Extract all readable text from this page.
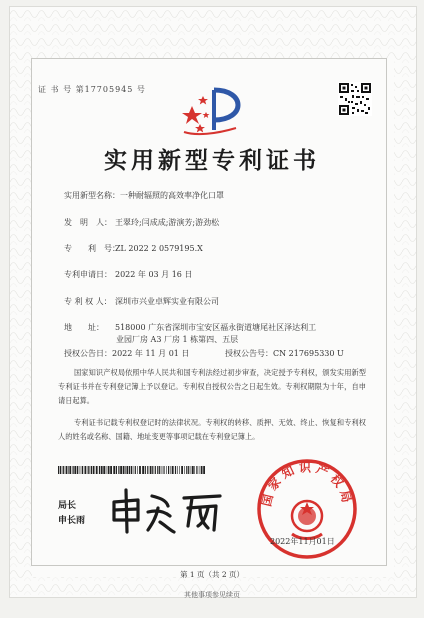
证 书 号 第17705945 号
实用新型专利证书
实用新型名称：一种耐辐照的高效率净化口罩
发　明　人： 王翠玲;闫成成;游演芳;游劲松
专　　利　号：ZL 2022 2 0579195.X
专利申请日： 2022 年 03 月 16 日
专 利 权 人： 深圳市兴业卓辉实业有限公司
地　　址： 518000 广东省深圳市宝安区福永街道塘尾社区泽达利工
业园厂房 A3 厂房 1 栋第四、五层
授权公告日：2022 年 11 月 01 日	授权公告号：CN 217695330 U
国家知识产权局依照中华人民共和国专利法经过初步审查，决定授予专利权，颁发实用新型专利证书并在专利登记簿上予以登记。专利权自授权公告之日起生效。专利权期限为十年，自申请日起算。
专利证书记载专利权登记时的法律状况。专利权的转移、质押、无效、终止、恢复和专利权人的姓名或名称、国籍、地址变更等事项记载在专利登记簿上。
局长
申长雨
国家知识产权局
2022年11月01日
第 1 页（共 2 页）
其他事项参见续页
